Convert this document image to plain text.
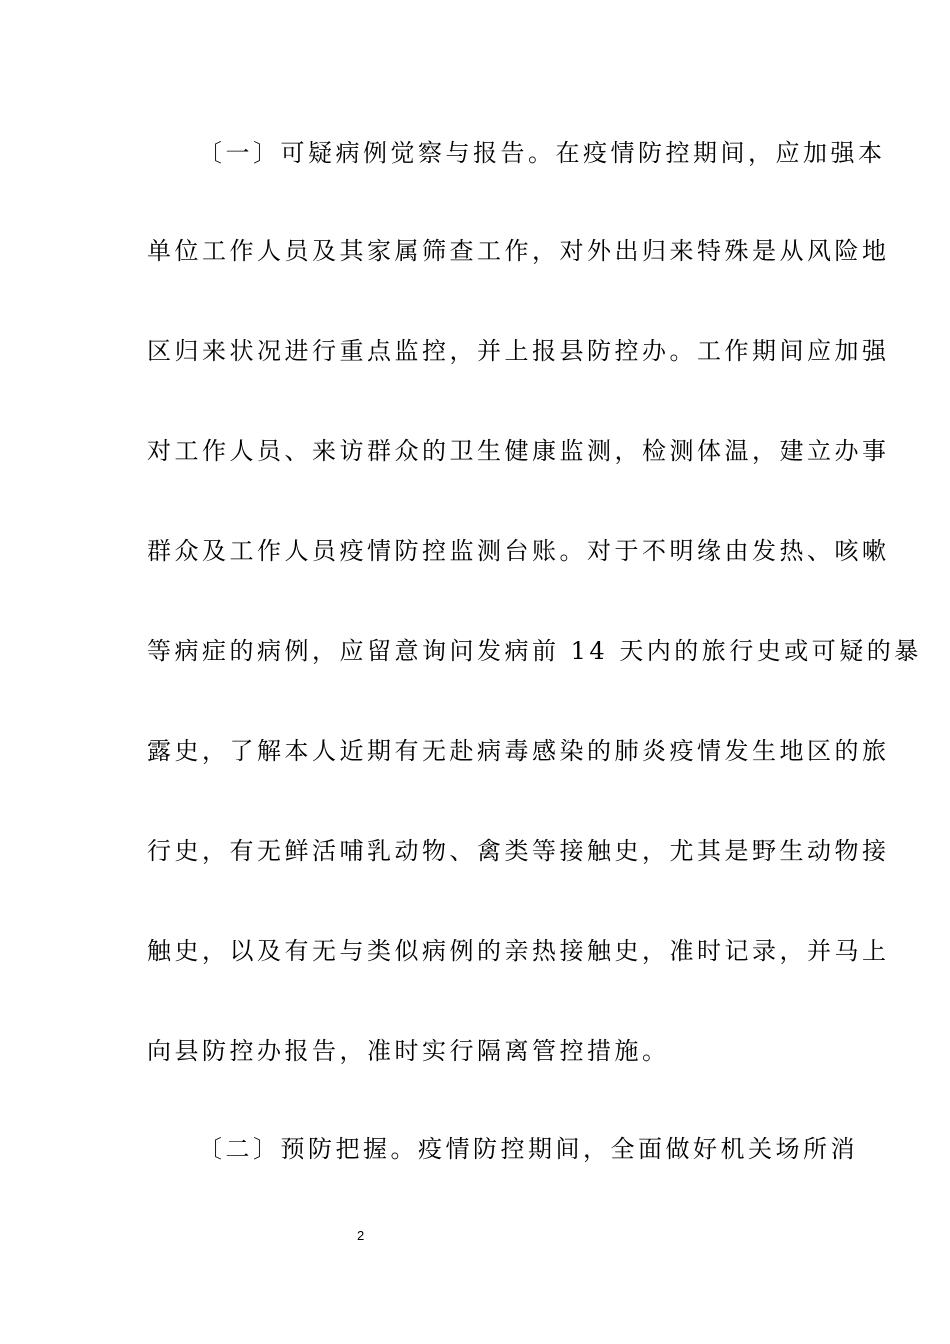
〔一〕可疑病例觉察与报告。在疫情防控期间，应加强本
单位工作人员及其家属筛查工作，对外出归来特殊是从风险地
区归来状况进行重点监控，并上报县防控办。工作期间应加强
对工作人员、来访群众的卫生健康监测，检测体温，建立办事
群众及工作人员疫情防控监测台账。对于不明缘由发热、咳嗽
等病症的病例，应留意询问发病前 14 天内的旅行史或可疑的暴
露史，了解本人近期有无赴病毒感染的肺炎疫情发生地区的旅
行史，有无鲜活哺乳动物、禽类等接触史，尤其是野生动物接
触史，以及有无与类似病例的亲热接触史，准时记录，并马上
向县防控办报告，准时实行隔离管控措施。
〔二〕预防把握。疫情防控期间，全面做好机关场所消
2
